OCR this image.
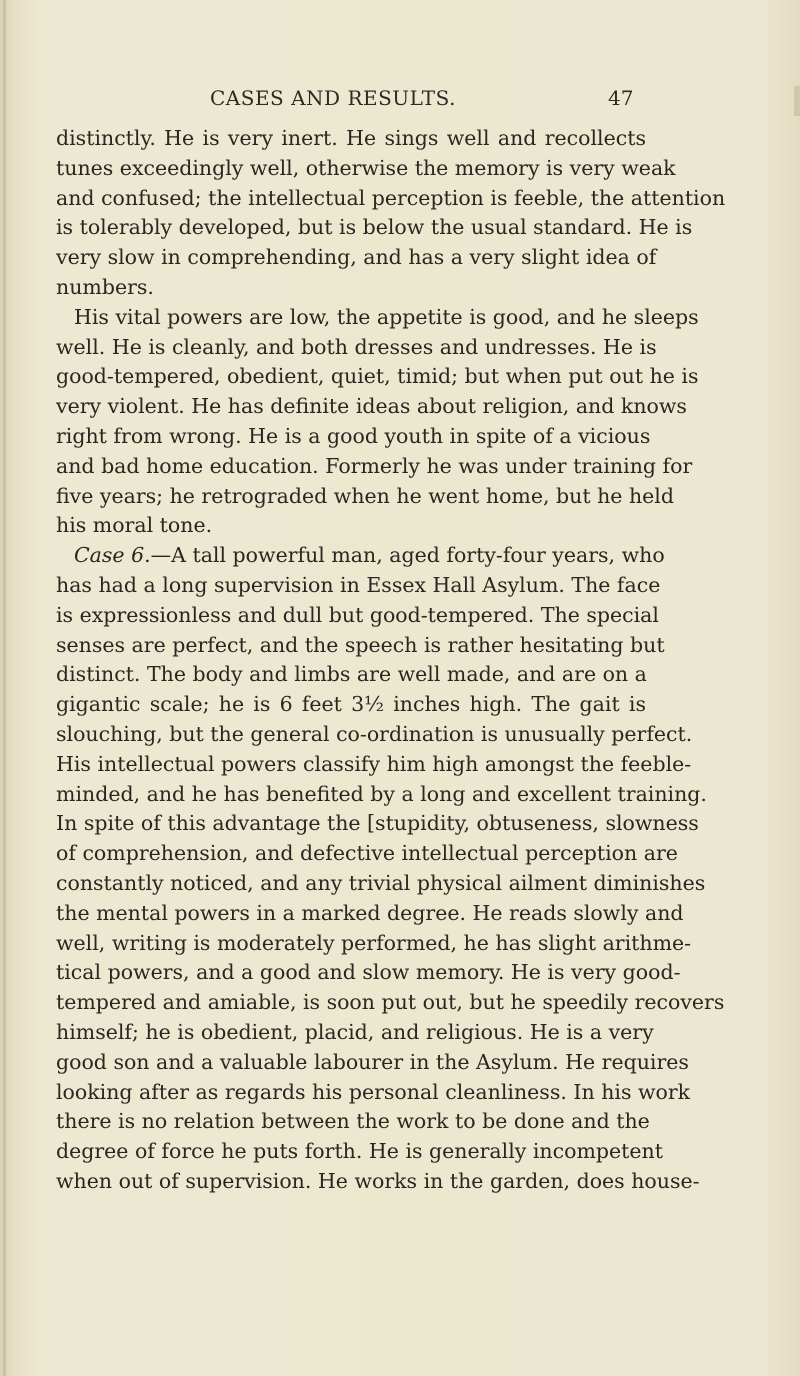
CASES AND RESULTS.	47
distinctly. He is very inert. He sings well and recollects
tunes exceedingly well, otherwise the memory is very weak
and confused; the intellectual perception is feeble, the attention
is tolerably developed, but is below the usual standard. He is
very slow in comprehending, and has a very slight idea of
numbers.
His vital powers are low, the appetite is good, and he sleeps
well. He is cleanly, and both dresses and undresses. He is
good-tempered, obedient, quiet, timid; but when put out he is
very violent. He has definite ideas about religion, and knows
right from wrong. He is a good youth in spite of a vicious
and bad home education. Formerly he was under training for
five years; he retrograded when he went home, but he held
his moral tone.
Case 6.—A tall powerful man, aged forty-four years, who
has had a long supervision in Essex Hall Asylum. The face
is expressionless and dull but good-tempered. The special
senses are perfect, and the speech is rather hesitating but
distinct. The body and limbs are well made, and are on a
gigantic scale; he is 6 feet 3½ inches high. The gait is
slouching, but the general co-ordination is unusually perfect.
His intellectual powers classify him high amongst the feeble-
minded, and he has benefited by a long and excellent training.
In spite of this advantage the [stupidity, obtuseness, slowness
of comprehension, and defective intellectual perception are
constantly noticed, and any trivial physical ailment diminishes
the mental powers in a marked degree. He reads slowly and
well, writing is moderately performed, he has slight arithme-
tical powers, and a good and slow memory. He is very good-
tempered and amiable, is soon put out, but he speedily recovers
himself; he is obedient, placid, and religious. He is a very
good son and a valuable labourer in the Asylum. He requires
looking after as regards his personal cleanliness. In his work
there is no relation between the work to be done and the
degree of force he puts forth. He is generally incompetent
when out of supervision. He works in the garden, does house-
